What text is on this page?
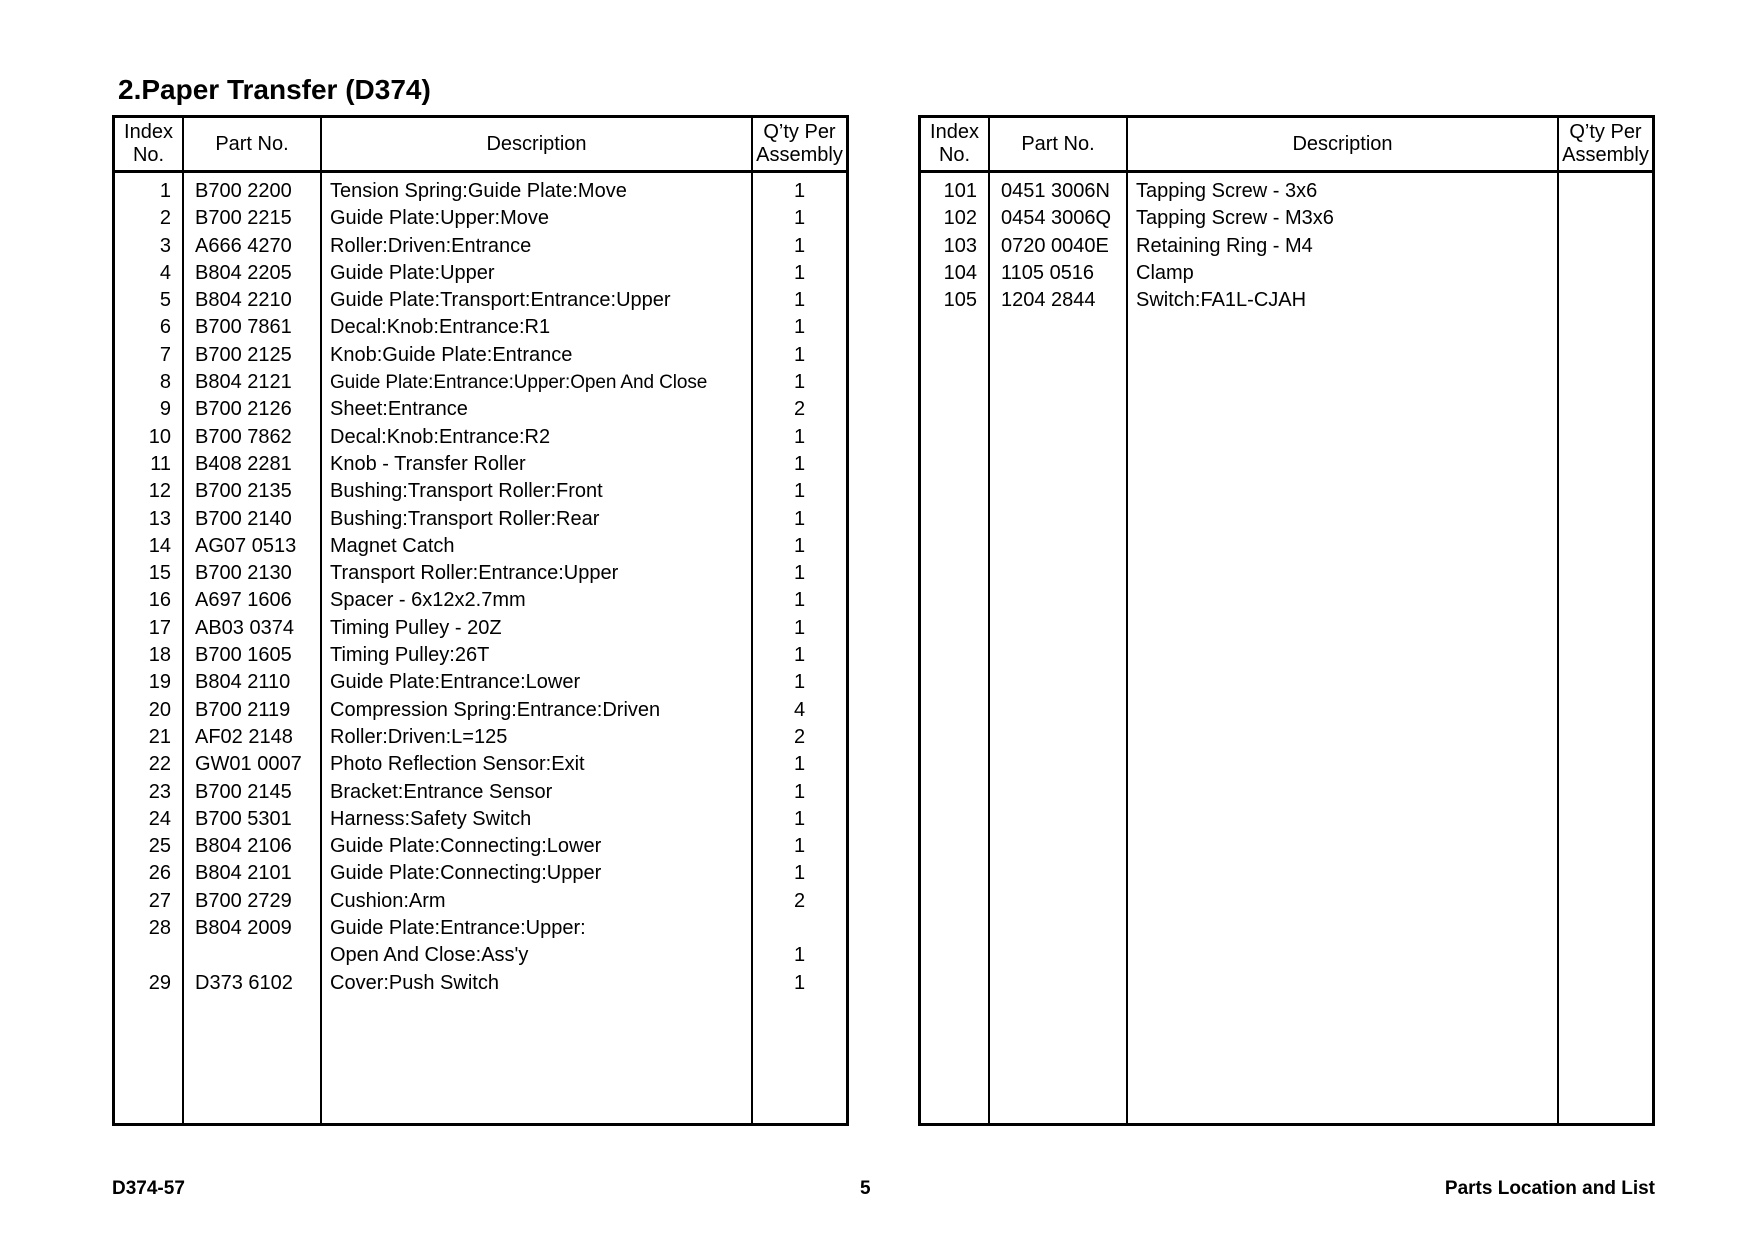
2.Paper Transfer (D374)
Index
No.
Part No.	Description
Q’ty Per
Assembly
1 B700 2200	Tension Spring:Guide Plate:Move	1
2 B700 2215	Guide Plate:Upper:Move	1
3 A666 4270	Roller:Driven:Entrance	1
4 B804 2205	Guide Plate:Upper	1
5 B804 2210	Guide Plate:Transport:Entrance:Upper	1
6 B700 7861	Decal:Knob:Entrance:R1	1
7 B700 2125	Knob:Guide Plate:Entrance	1
8 B804 2121	Guide Plate:Entrance:Upper:Open And Close	1
9 B700 2126	Sheet:Entrance	2
10 B700 7862	Decal:Knob:Entrance:R2	1
11 B408 2281	Knob - Transfer Roller	1
12 B700 2135	Bushing:Transport Roller:Front	1
13 B700 2140	Bushing:Transport Roller:Rear	1
14 AG07 0513	Magnet Catch	1
15 B700 2130	Transport Roller:Entrance:Upper	1
16 A697 1606	Spacer - 6x12x2.7mm	1
17 AB03 0374	Timing Pulley - 20Z	1
18 B700 1605	Timing Pulley:26T	1
19 B804 2110	Guide Plate:Entrance:Lower	1
20 B700 2119	Compression Spring:Entrance:Driven	4
21 AF02 2148	Roller:Driven:L=125	2
22 GW01 0007	Photo Reflection Sensor:Exit	1
23 B700 2145	Bracket:Entrance Sensor	1
24 B700 5301	Harness:Safety Switch	1
25 B804 2106	Guide Plate:Connecting:Lower	1
26 B804 2101	Guide Plate:Connecting:Upper	1
27 B700 2729	Cushion:Arm	2
28 B804 2009	Guide Plate:Entrance:Upper:
Open And Close:Ass'y	1
29 D373 6102	Cover:Push Switch	1
Index
No.
Part No.	Description
Q’ty Per
Assembly
101 0451 3006N	Tapping Screw - 3x6
102 0454 3006Q	Tapping Screw - M3x6
103 0720 0040E	Retaining Ring - M4
104 1105 0516	Clamp
105 1204 2844	Switch:FA1L-CJAH
D374-57	5	Parts Location and List
